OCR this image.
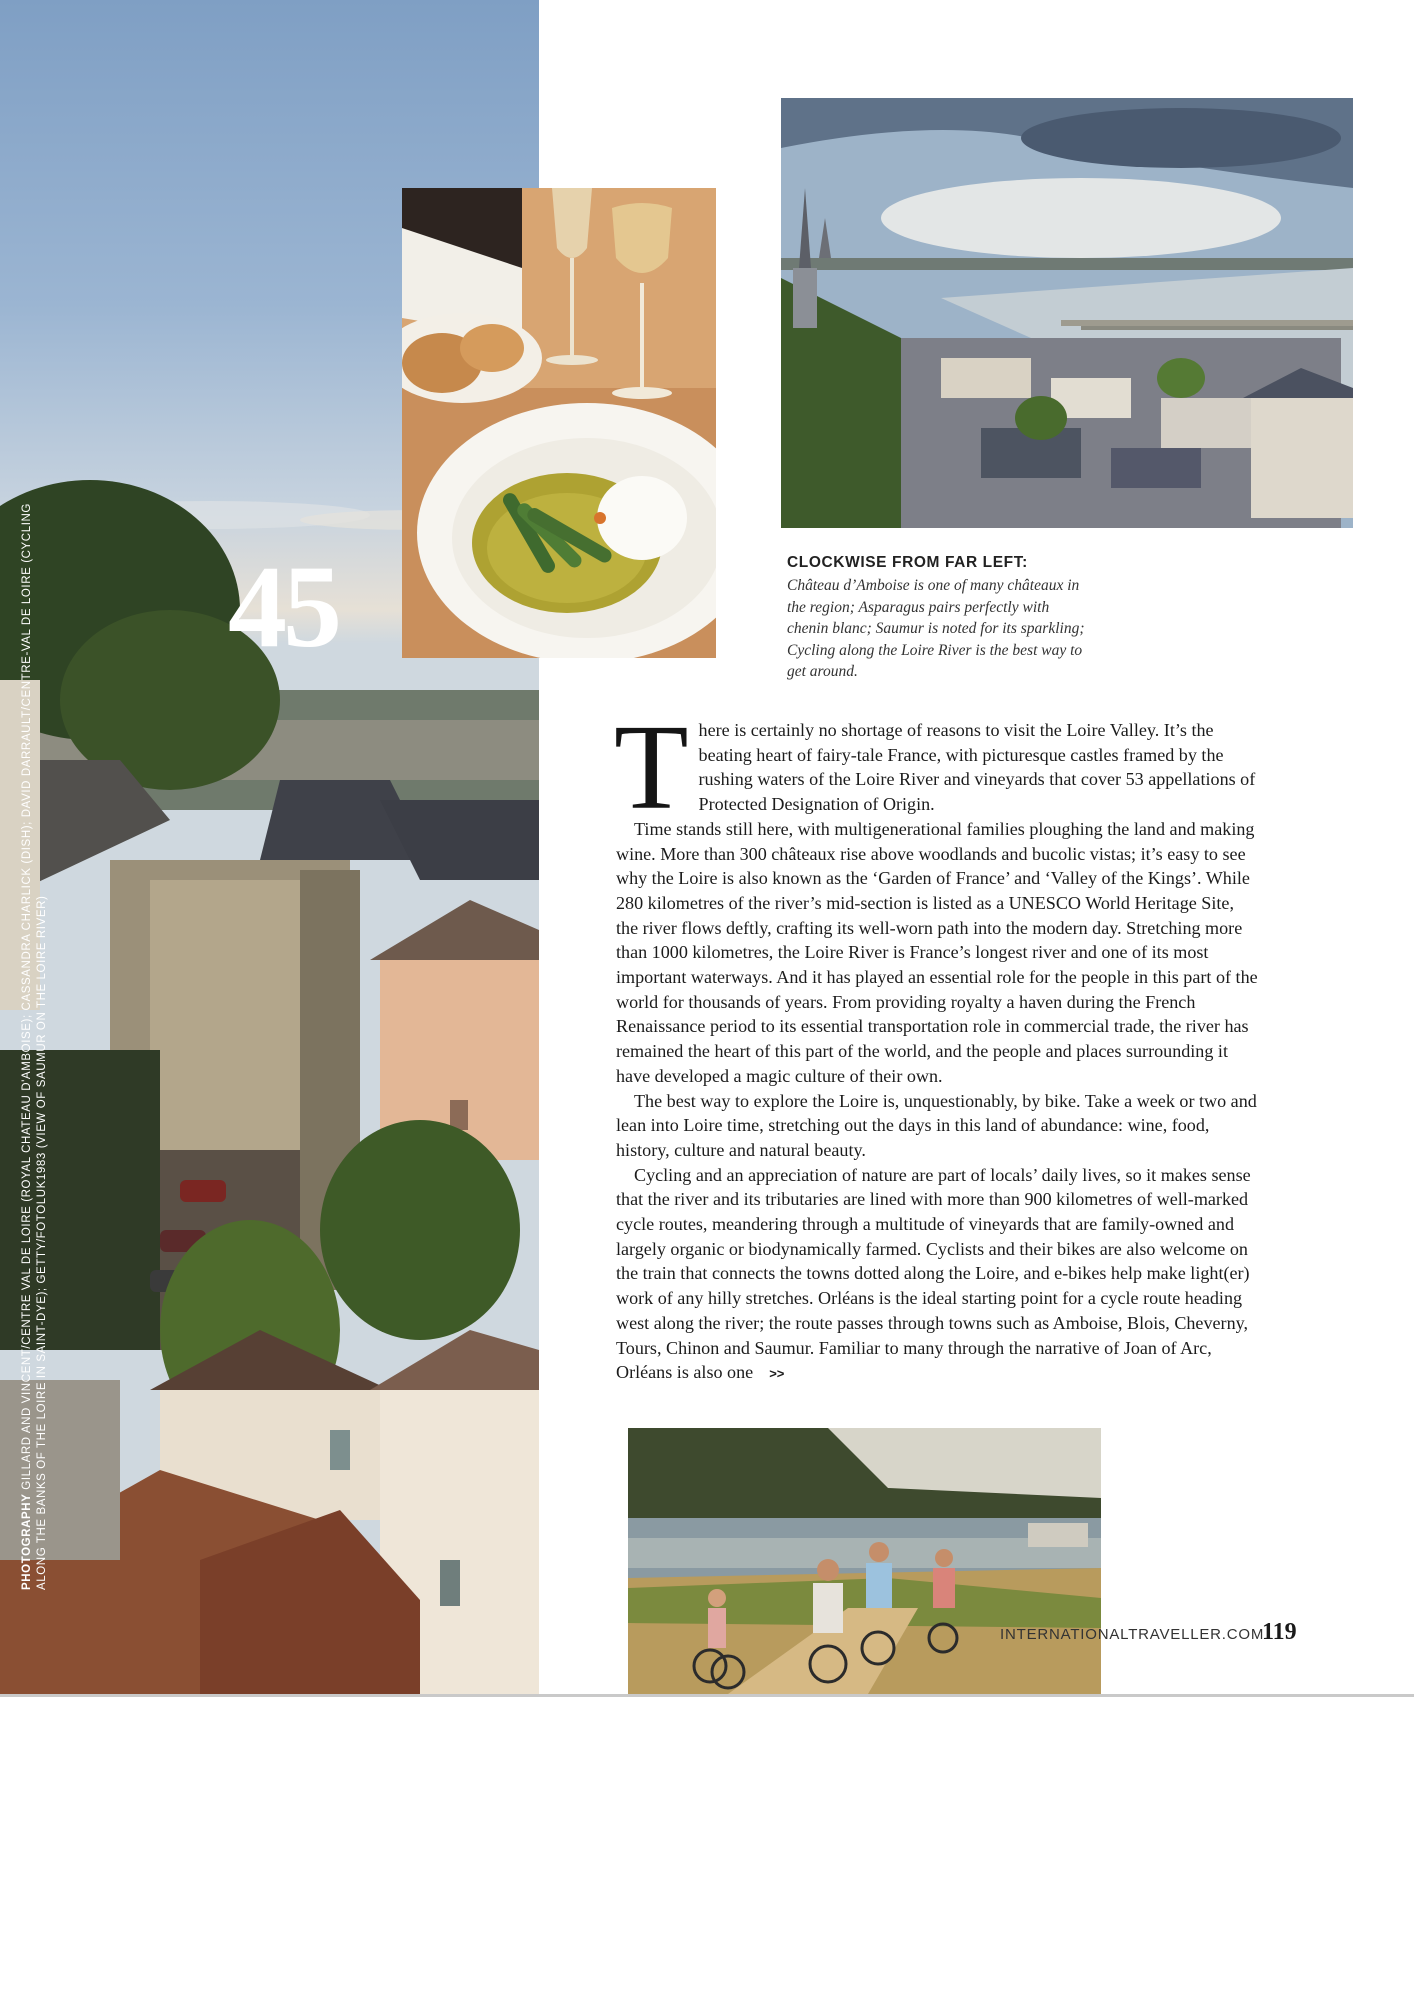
45
PHOTOGRAPHY GILLARD AND VINCENT/CENTRE VAL DE LOIRE (ROYAL CHATEAU D'AMBOISE); CASSANDRA CHARLICK (DISH); DAVID DARRAULT/CENTRE-VAL DE LOIRE (CYCLING ALONG THE BANKS OF THE LOIRE IN SAINT-DYE); GETTY/FOTOLUK1983 (VIEW OF SAUMUR ON THE LOIRE RIVER)
CLOCKWISE FROM FAR LEFT:
Château d’Amboise is one of many châteaux in the region; Asparagus pairs perfectly with chenin blanc; Saumur is noted for its sparkling; Cycling along the Loire River is the best way to get around.

There is certainly no shortage of reasons to visit the Loire Valley. It’s the beating heart of fairy-tale France, with picturesque castles framed by the rushing waters of the Loire River and vineyards that cover 53 appellations of Protected Designation of Origin.

Time stands still here, with multigenerational families ploughing the land and making wine. More than 300 châteaux rise above woodlands and bucolic vistas; it’s easy to see why the Loire is also known as the ‘Garden of France’ and ‘Valley of the Kings’. While 280 kilometres of the river’s mid-section is listed as a UNESCO World Heritage Site, the river flows deftly, crafting its well-worn path into the modern day. Stretching more than 1000 kilometres, the Loire River is France’s longest river and one of its most important waterways. And it has played an essential role for the people in this part of the world for thousands of years. From providing royalty a haven during the French Renaissance period to its essential transportation role in commercial trade, the river has remained the heart of this part of the world, and the people and places surrounding it have developed a magic culture of their own.

The best way to explore the Loire is, unquestionably, by bike. Take a week or two and lean into Loire time, stretching out the days in this land of abundance: wine, food, history, culture and natural beauty.

Cycling and an appreciation of nature are part of locals’ daily lives, so it makes sense that the river and its tributaries are lined with more than 900 kilometres of well-marked cycle routes, meandering through a multitude of vineyards that are family-owned and largely organic or biodynamically farmed. Cyclists and their bikes are also welcome on the train that connects the towns dotted along the Loire, and e-bikes help make light(er) work of any hilly stretches. Orléans is the ideal starting point for a cycle route heading west along the river; the route passes through towns such as Amboise, Blois, Cheverny, Tours, Chinon and Saumur. Familiar to many through the narrative of Joan of Arc, Orléans is also one >>

INTERNATIONALTRAVELLER.COM
119
